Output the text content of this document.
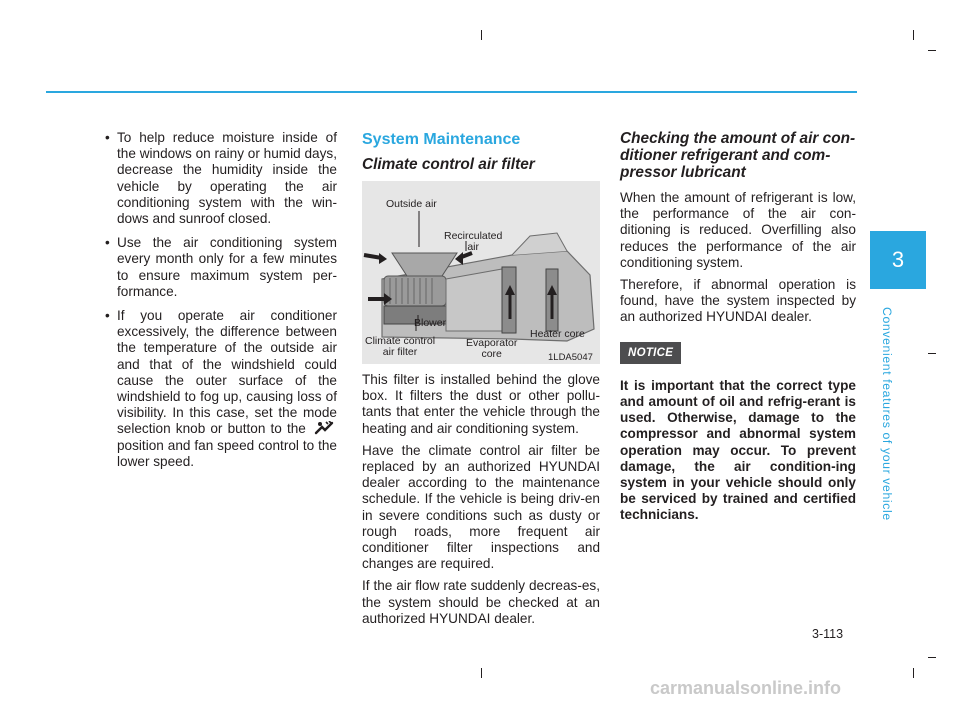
• To help reduce moisture inside of the windows on rainy or humid days, decrease the humidity inside the vehicle by operating the air conditioning system with the win-dows and sunroof closed.
• Use the air conditioning system every month only for a few minutes to ensure maximum system per-formance.
• If you operate air conditioner excessively, the difference between the temperature of the outside air and that of the windshield could cause the outer surface of the windshield to fog up, causing loss of visibility. In this case, set the mode selection knob or button to the  position and fan speed control to the lower speed.
System Maintenance
Climate control air filter
Outside air
Recirculated
air
Blower
Climate control
air filter
Evaporator
core
Heater core
1LDA5047

This filter is installed behind the glove box. It filters the dust or other pollu-tants that enter the vehicle through the heating and air conditioning system.

Have the climate control air filter be replaced by an authorized HYUNDAI dealer according to the maintenance schedule. If the vehicle is being driv-en in severe conditions such as dusty or rough roads, more frequent air conditioner filter inspections and changes are required.

If the air flow rate suddenly decreas-es, the system should be checked at an authorized HYUNDAI dealer.

Checking the amount of air con-ditioner refrigerant and com-pressor lubricant

When the amount of refrigerant is low, the performance of the air con-ditioning is reduced. Overfilling also reduces the performance of the air conditioning system.

Therefore, if abnormal operation is found, have the system inspected by an authorized HYUNDAI dealer.

NOTICE

It is important that the correct type and amount of oil and refrig-erant is used. Otherwise, damage to the compressor and abnormal system operation may occur. To prevent damage, the air condition-ing system in your vehicle should only be serviced by trained and certified technicians.

3
Convenient features of your vehicle
3-113
carmanualsonline.info
